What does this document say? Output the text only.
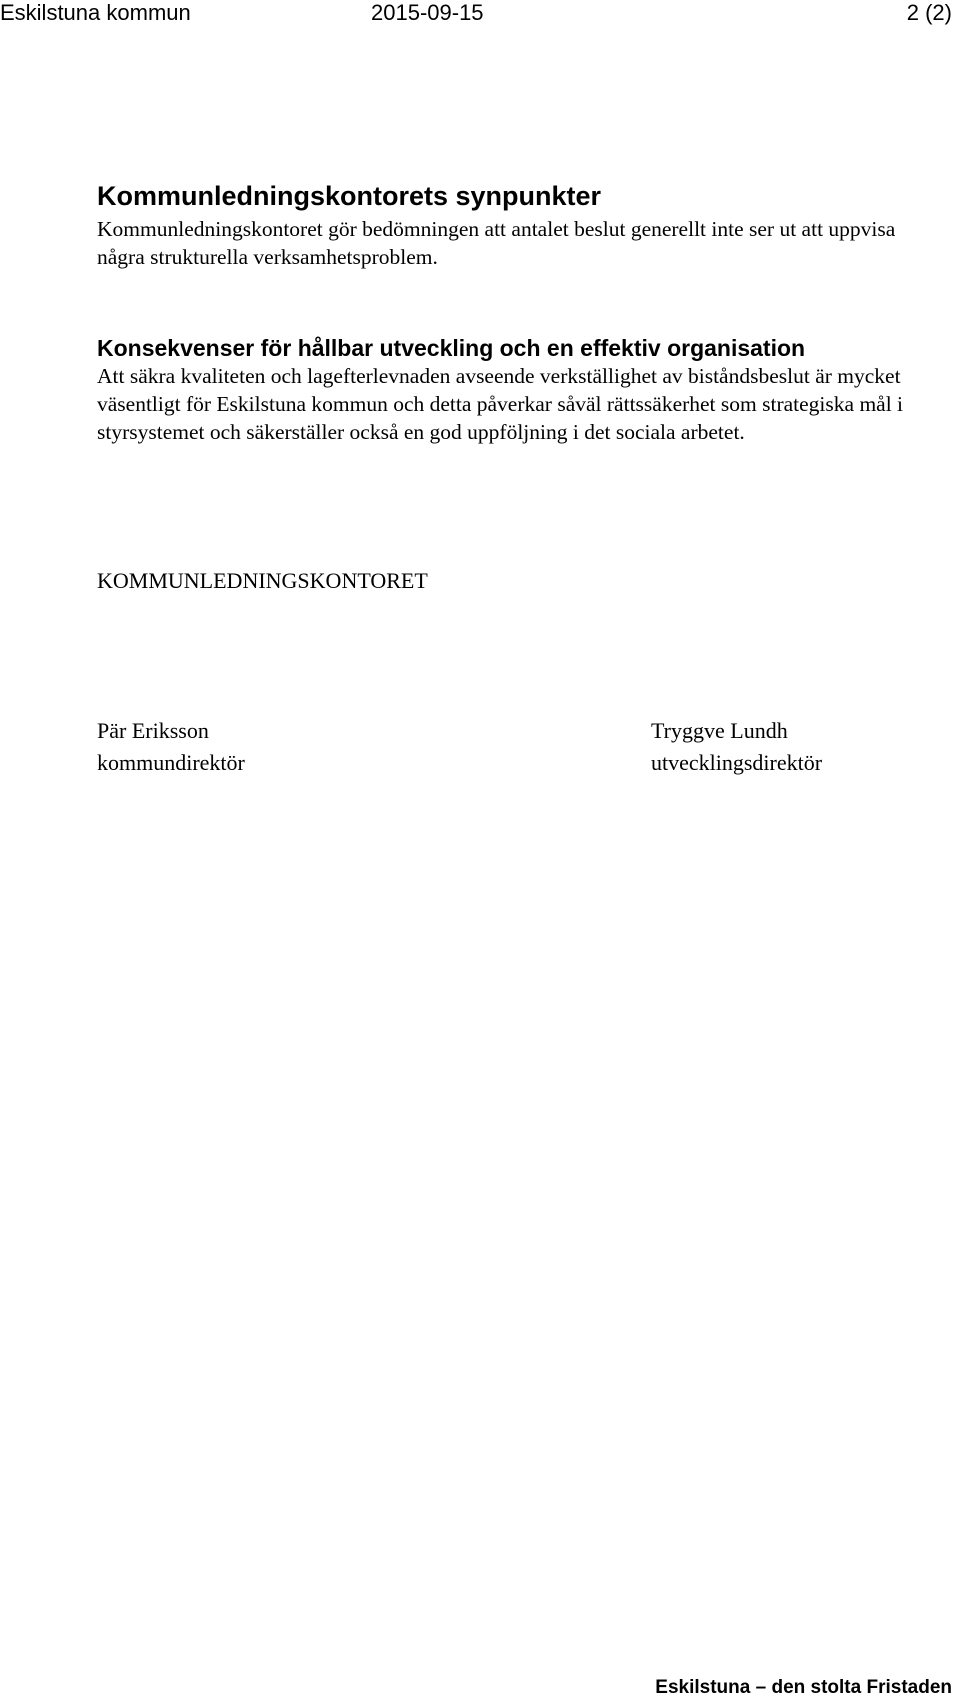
Eskilstuna kommun	2015-09-15	2 (2)
Kommunledningskontorets synpunkter
Kommunledningskontoret gör bedömningen att antalet beslut generellt inte ser ut att uppvisa några strukturella verksamhetsproblem.
Konsekvenser för hållbar utveckling och en effektiv organisation
Att säkra kvaliteten och lagefterlevnaden avseende verkställighet av biståndsbeslut är mycket väsentligt för Eskilstuna kommun och detta påverkar såväl rättssäkerhet som strategiska mål i styrsystemet och säkerställer också en god uppföljning i det sociala arbetet.
KOMMUNLEDNINGSKONTORET
Pär Eriksson
kommundirektör
Tryggve Lundh
utvecklingsdirektör
Eskilstuna – den stolta Fristaden
